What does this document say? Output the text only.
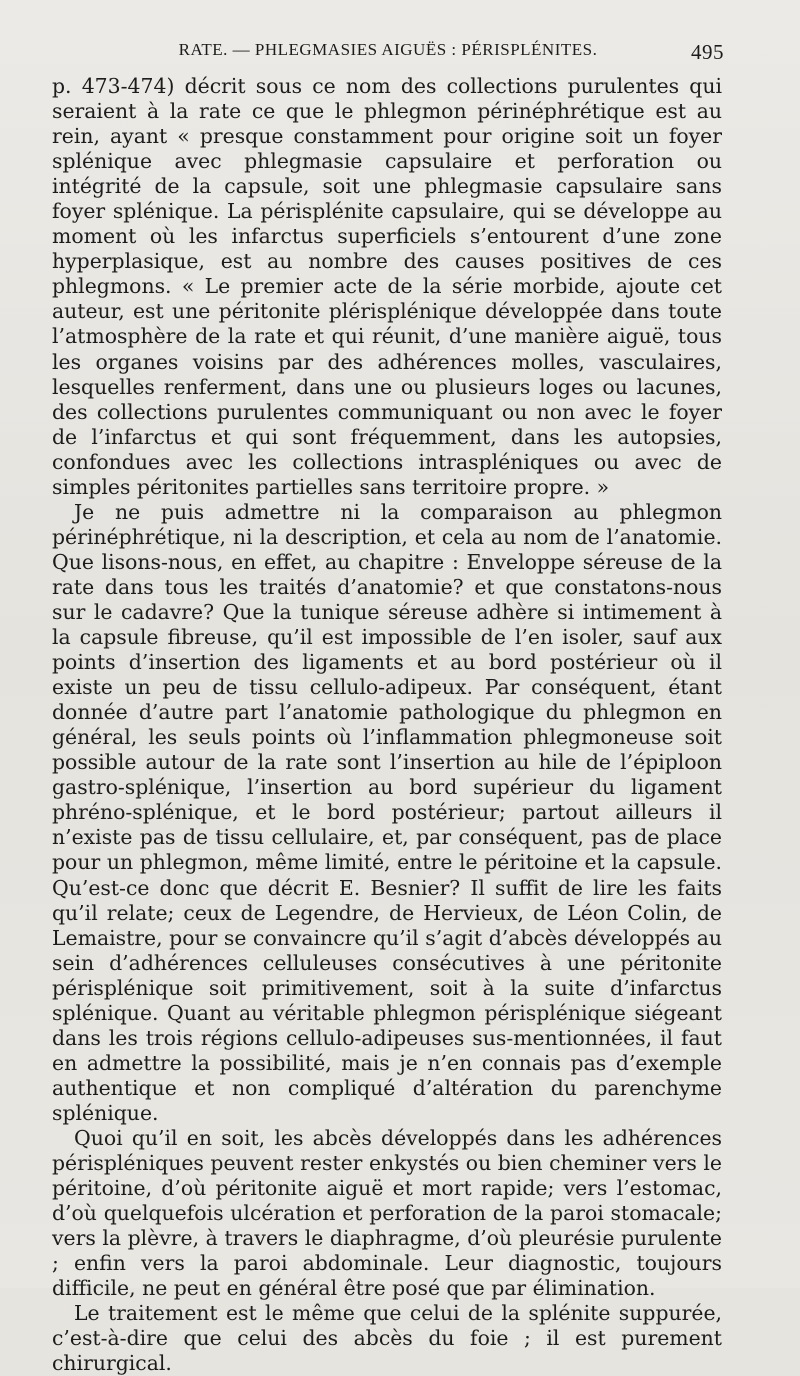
RATE. — PHLEGMASIES AIGUËS : PÉRISPLÉNITES.	495

p. 473-474) décrit sous ce nom des collections purulentes qui seraient à la rate ce que le phlegmon périnéphrétique est au rein, ayant « presque constamment pour origine soit un foyer splénique avec phlegmasie capsulaire et perforation ou intégrité de la capsule, soit une phlegmasie capsulaire sans foyer splénique. La périsplénite capsulaire, qui se développe au moment où les infarctus superficiels s’entourent d’une zone hyperplasique, est au nombre des causes positives de ces phlegmons. « Le premier acte de la série morbide, ajoute cet auteur, est une péritonite plérisplénique développée dans toute l’atmosphère de la rate et qui réunit, d’une manière aiguë, tous les organes voisins par des adhérences molles, vasculaires, lesquelles renferment, dans une ou plusieurs loges ou lacunes, des collections purulentes communiquant ou non avec le foyer de l’infarctus et qui sont fréquemment, dans les autopsies, confondues avec les collections intraspléniques ou avec de simples péritonites partielles sans territoire propre. »

Je ne puis admettre ni la comparaison au phlegmon périnéphrétique, ni la description, et cela au nom de l’anatomie. Que lisons-nous, en effet, au chapitre : Enveloppe séreuse de la rate dans tous les traités d’anatomie? et que constatons-nous sur le cadavre? Que la tunique séreuse adhère si intimement à la capsule fibreuse, qu’il est impossible de l’en isoler, sauf aux points d’insertion des ligaments et au bord postérieur où il existe un peu de tissu cellulo-adipeux. Par conséquent, étant donnée d’autre part l’anatomie pathologique du phlegmon en général, les seuls points où l’inflammation phlegmoneuse soit possible autour de la rate sont l’insertion au hile de l’épiploon gastro-splénique, l’insertion au bord supérieur du ligament phréno-splénique, et le bord postérieur; partout ailleurs il n’existe pas de tissu cellulaire, et, par conséquent, pas de place pour un phlegmon, même limité, entre le péritoine et la capsule. Qu’est-ce donc que décrit E. Besnier? Il suffit de lire les faits qu’il relate; ceux de Legendre, de Hervieux, de Léon Colin, de Lemaistre, pour se convaincre qu’il s’agit d’abcès développés au sein d’adhérences celluleuses consécutives à une péritonite périsplénique soit primitivement, soit à la suite d’infarctus splénique. Quant au véritable phlegmon périsplénique siégeant dans les trois régions cellulo-adipeuses sus-mentionnées, il faut en admettre la possibilité, mais je n’en connais pas d’exemple authentique et non compliqué d’altération du parenchyme splénique.

Quoi qu’il en soit, les abcès développés dans les adhérences périspléniques peuvent rester enkystés ou bien cheminer vers le péritoine, d’où péritonite aiguë et mort rapide; vers l’estomac, d’où quelquefois ulcération et perforation de la paroi stomacale; vers la plèvre, à travers le diaphragme, d’où pleurésie purulente ; enfin vers la paroi abdominale. Leur diagnostic, toujours difficile, ne peut en général être posé que par élimination.

Le traitement est le même que celui de la splénite suppurée, c’est-à-dire que celui des abcès du foie ; il est purement chirurgical.
